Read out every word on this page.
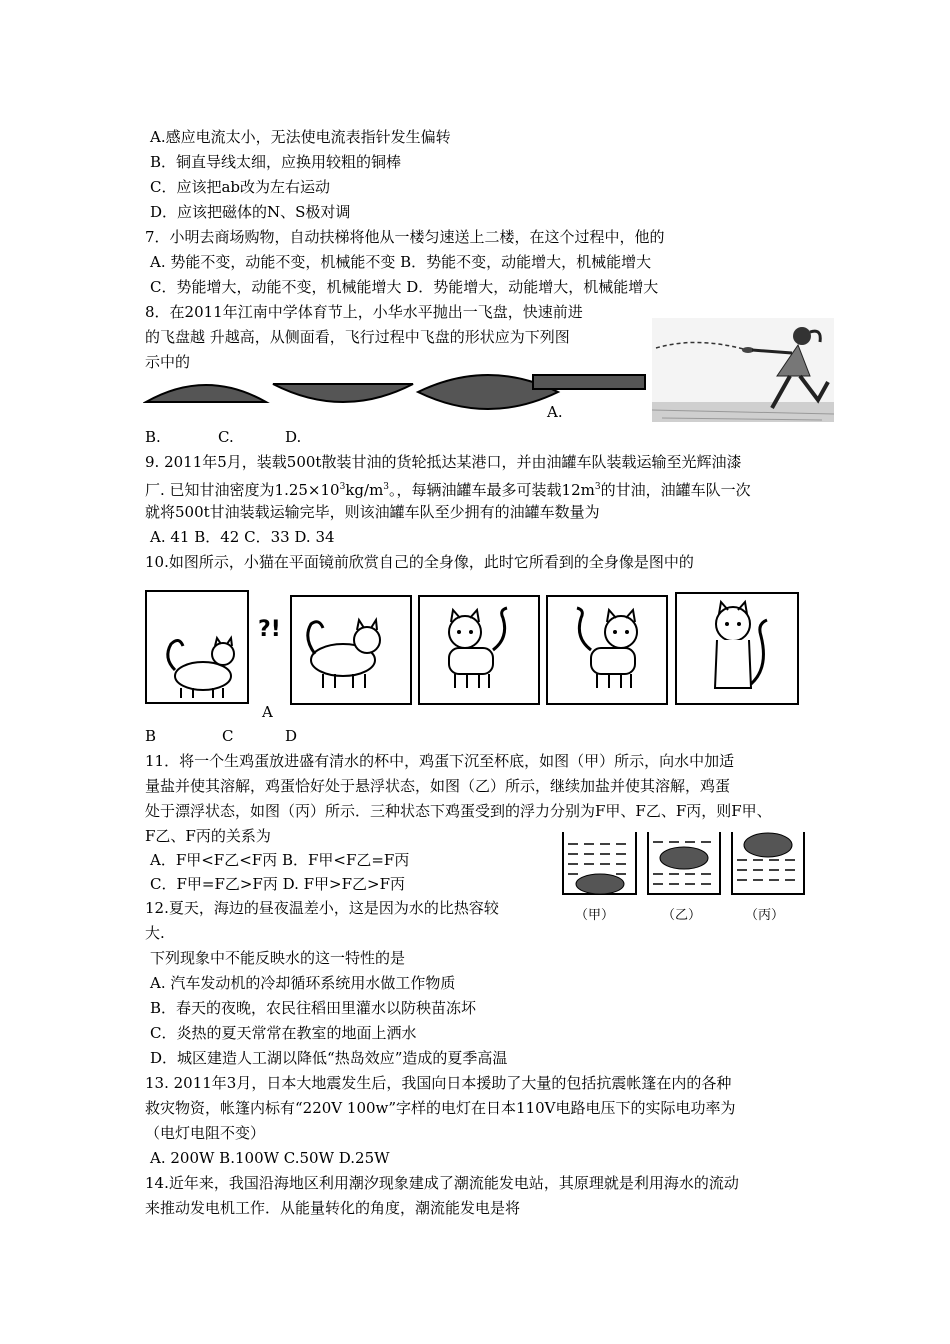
A.感应电流太小，无法使电流表指针发生偏转
B．铜直导线太细，应换用较粗的铜棒
C．应该把ab改为左右运动
D．应该把磁体的N、S极对调
7．小明去商场购物，自动扶梯将他从一楼匀速送上二楼，在这个过程中，他的
A. 势能不变，动能不变，机械能不变 B．势能不变，动能增大，机械能增大
C．势能增大，动能不变，机械能增大 D．势能增大，动能增大，机械能增大
8．在2011年江南中学体育节上，小华水平抛出一飞盘，快速前进
的飞盘越 升越高，从侧面看，飞行过程中飞盘的形状应为下列图
示中的
A.
B.	C.	D.
9. 2011年5月，装载500t散装甘油的货轮抵达某港口，并由油罐车队装载运输至光辉油漆
厂. 已知甘油密度为$1.25\times 10^3kg/m^3$。，每辆油罐车最多可装载$12m^3$的甘油，油罐车队一次
就将500t甘油装载运输完毕，则该油罐车队至少拥有的油罐车数量为
A. 41 B．42 C．33 D. 34
10.如图所示，小猫在平面镜前欣赏自己的全身像，此时它所看到的全身像是图中的
?!
A
B	C	D
11．将一个生鸡蛋放进盛有清水的杯中，鸡蛋下沉至杯底，如图（甲）所示，向水中加适
量盐并使其溶解，鸡蛋恰好处于悬浮状态，如图（乙）所示，继续加盐并使其溶解，鸡蛋
处于漂浮状态，如图（丙）所示．三种状态下鸡蛋受到的浮力分别为F甲、F乙、F丙，则F甲、
F乙、F丙的关系为
A．F甲<F乙<F丙 B．F甲<F乙=F丙
C．F甲=F乙>F丙 D. F甲>F乙>F丙
（甲）	（乙）	（丙）
12.夏天，海边的昼夜温差小，这是因为水的比热容较
大.
下列现象中不能反映水的这一特性的是
A. 汽车发动机的冷却循环系统用水做工作物质
B．春天的夜晚，农民往稻田里灌水以防秧苗冻坏
C．炎热的夏天常常在教室的地面上洒水
D．城区建造人工湖以降低“热岛效应”造成的夏季高温
13. 2011年3月，日本大地震发生后，我国向日本援助了大量的包括抗震帐篷在内的各种
救灾物资，帐篷内标有“220V 100w”字样的电灯在日本110V电路电压下的实际电功率为
（电灯电阻不变）
A. 200W B.100W C.50W D.25W
14.近年来，我国沿海地区利用潮汐现象建成了潮流能发电站，其原理就是利用海水的流动
来推动发电机工作．从能量转化的角度，潮流能发电是将
